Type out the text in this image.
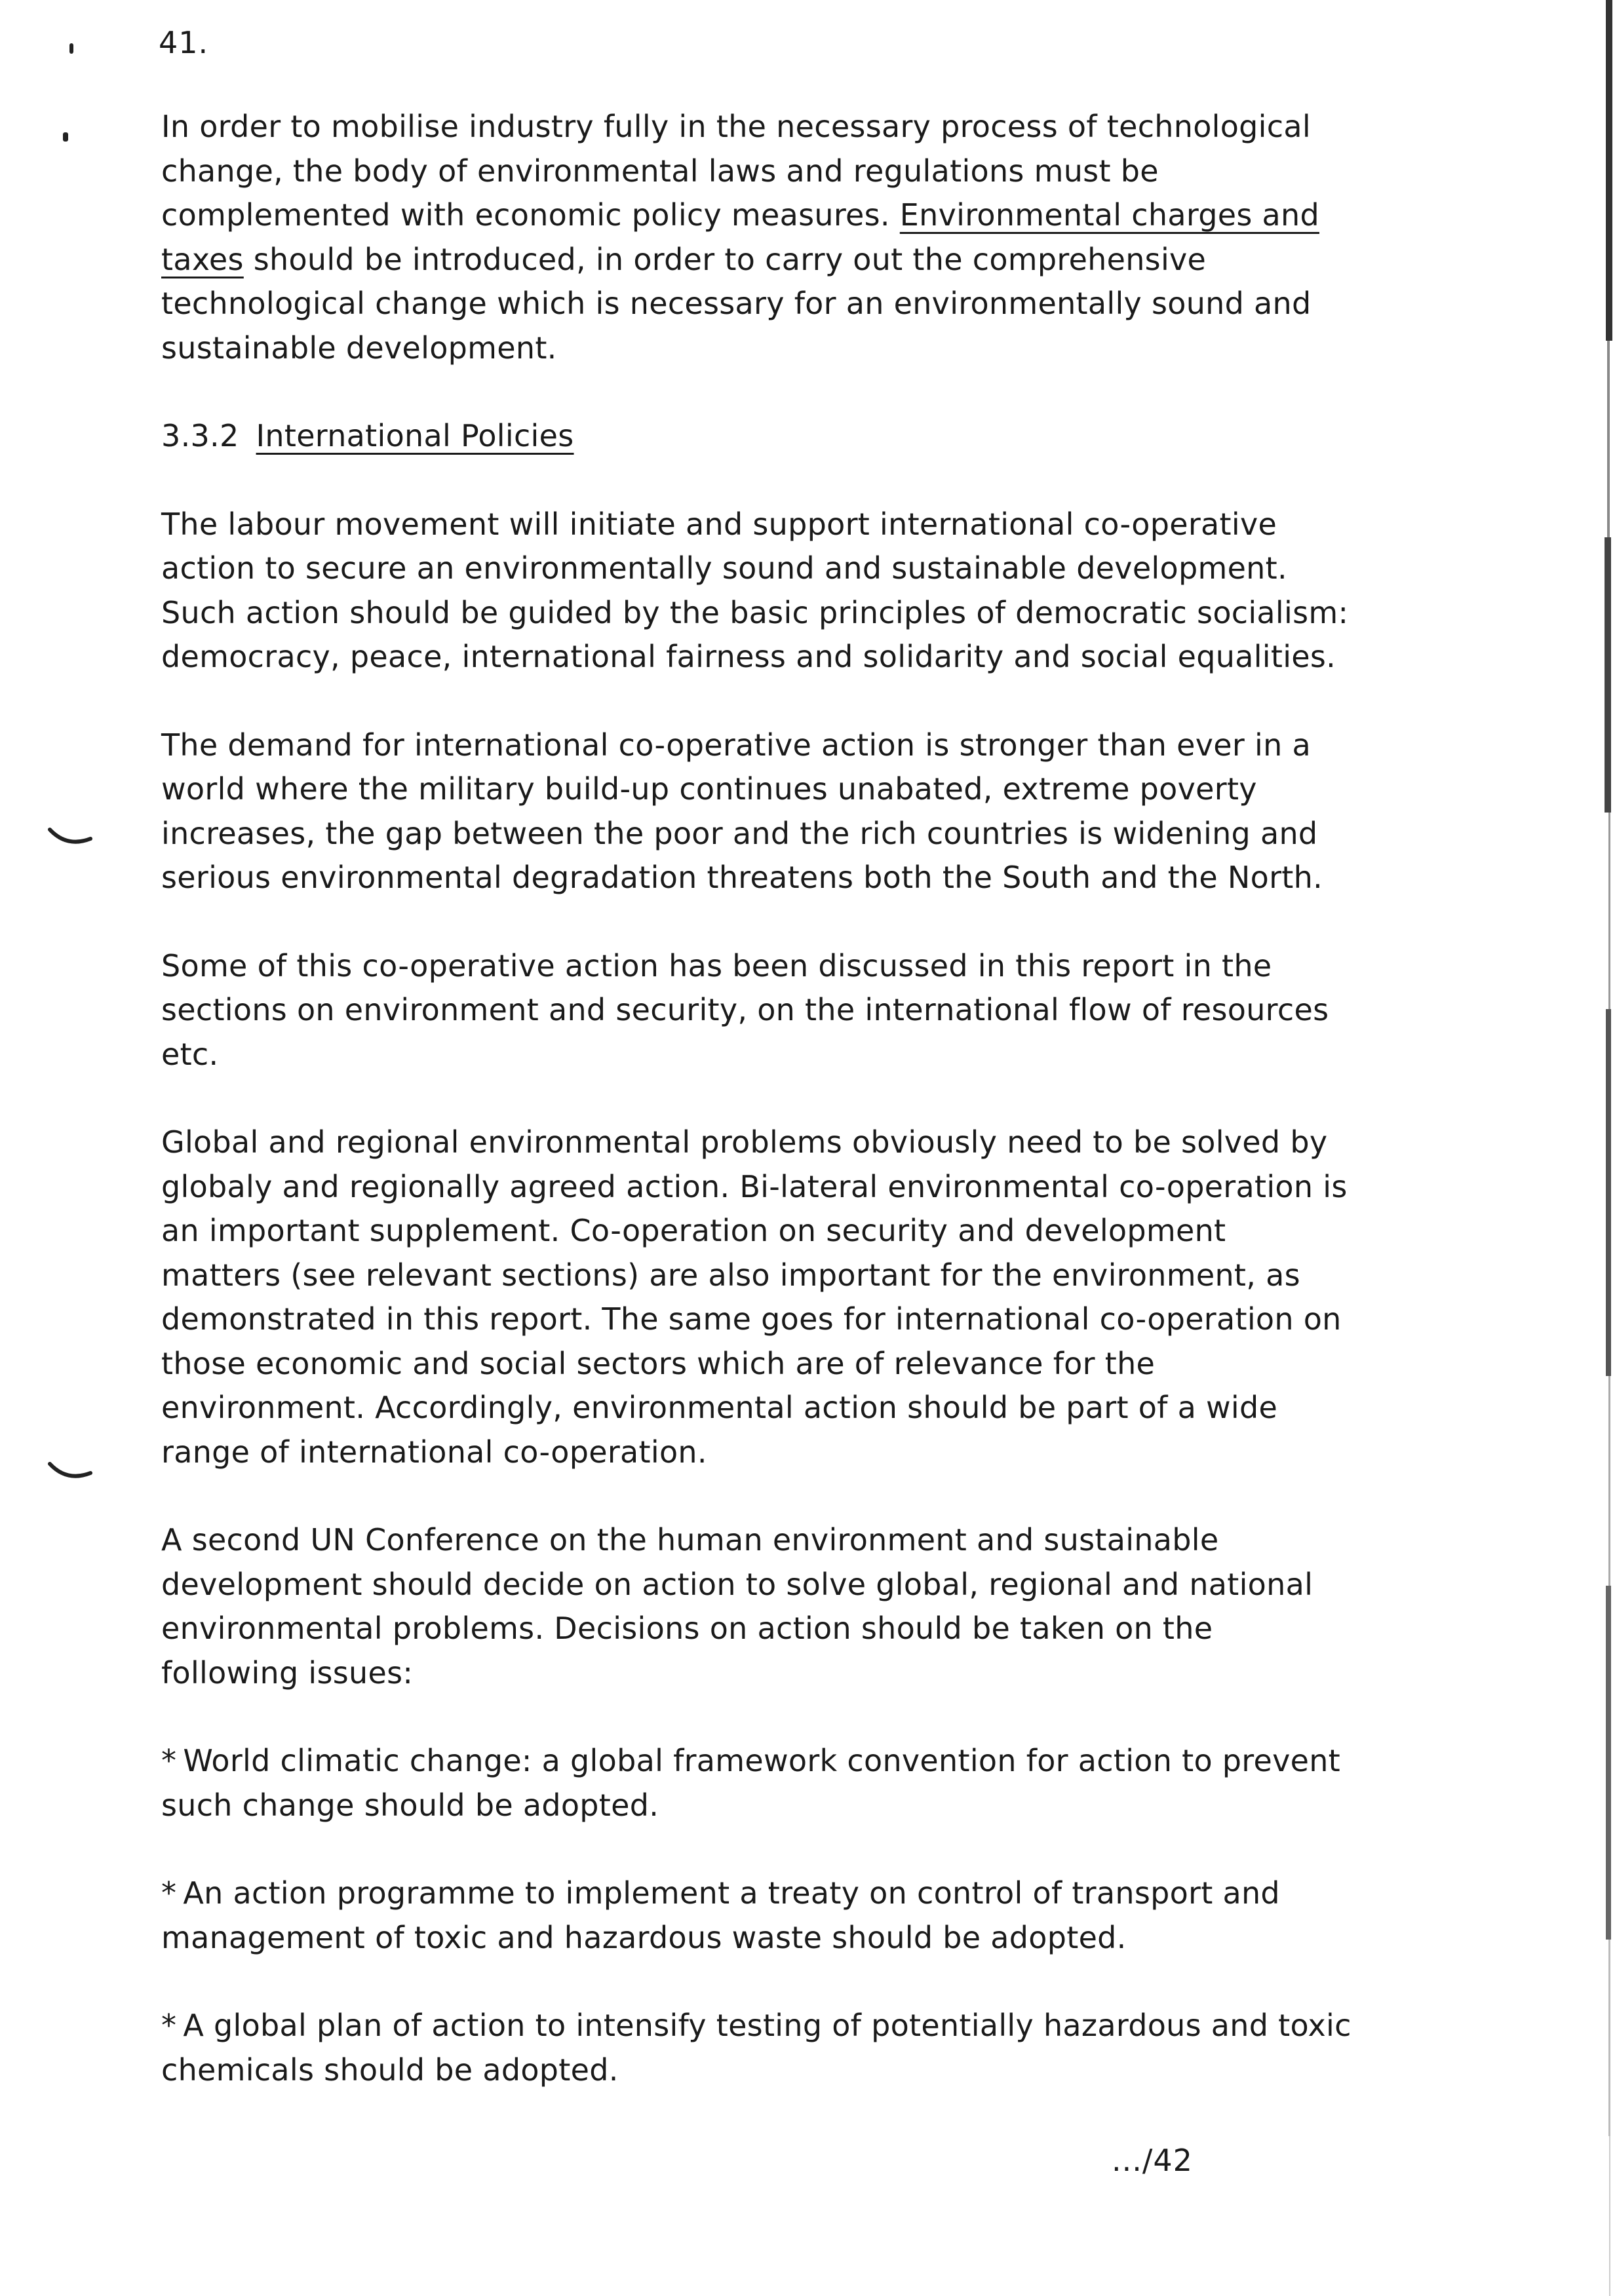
41.

In order to mobilise industry fully in the necessary process of technological change, the body of environmental laws and regulations must be complemented with economic policy measures. Environmental charges and taxes should be introduced, in order to carry out the comprehensive technological change which is necessary for an environmentally sound and sustainable development.

3.3.2 International Policies

The labour movement will initiate and support international co-operative action to secure an environmentally sound and sustainable development. Such action should be guided by the basic principles of democratic socialism: democracy, peace, international fairness and solidarity and social equalities.

The demand for international co-operative action is stronger than ever in a world where the military build-up continues unabated, extreme poverty increases, the gap between the poor and the rich countries is widening and serious environmental degradation threatens both the South and the North.

Some of this co-operative action has been discussed in this report in the sections on environment and security, on the international flow of resources etc.

Global and regional environmental problems obviously need to be solved by globaly and regionally agreed action. Bi-lateral environmental co-operation is an important supplement. Co-operation on security and development matters (see relevant sections) are also important for the environment, as demonstrated in this report. The same goes for international co-operation on those economic and social sectors which are of relevance for the environment. Accordingly, environmental action should be part of a wide range of international co-operation.

A second UN Conference on the human environment and sustainable development should decide on action to solve global, regional and national environmental problems. Decisions on action should be taken on the following issues:

* World climatic change: a global framework convention for action to prevent such change should be adopted.

* An action programme to implement a treaty on control of transport and management of toxic and hazardous waste should be adopted.

* A global plan of action to intensify testing of potentially hazardous and toxic chemicals should be adopted.

.../42
